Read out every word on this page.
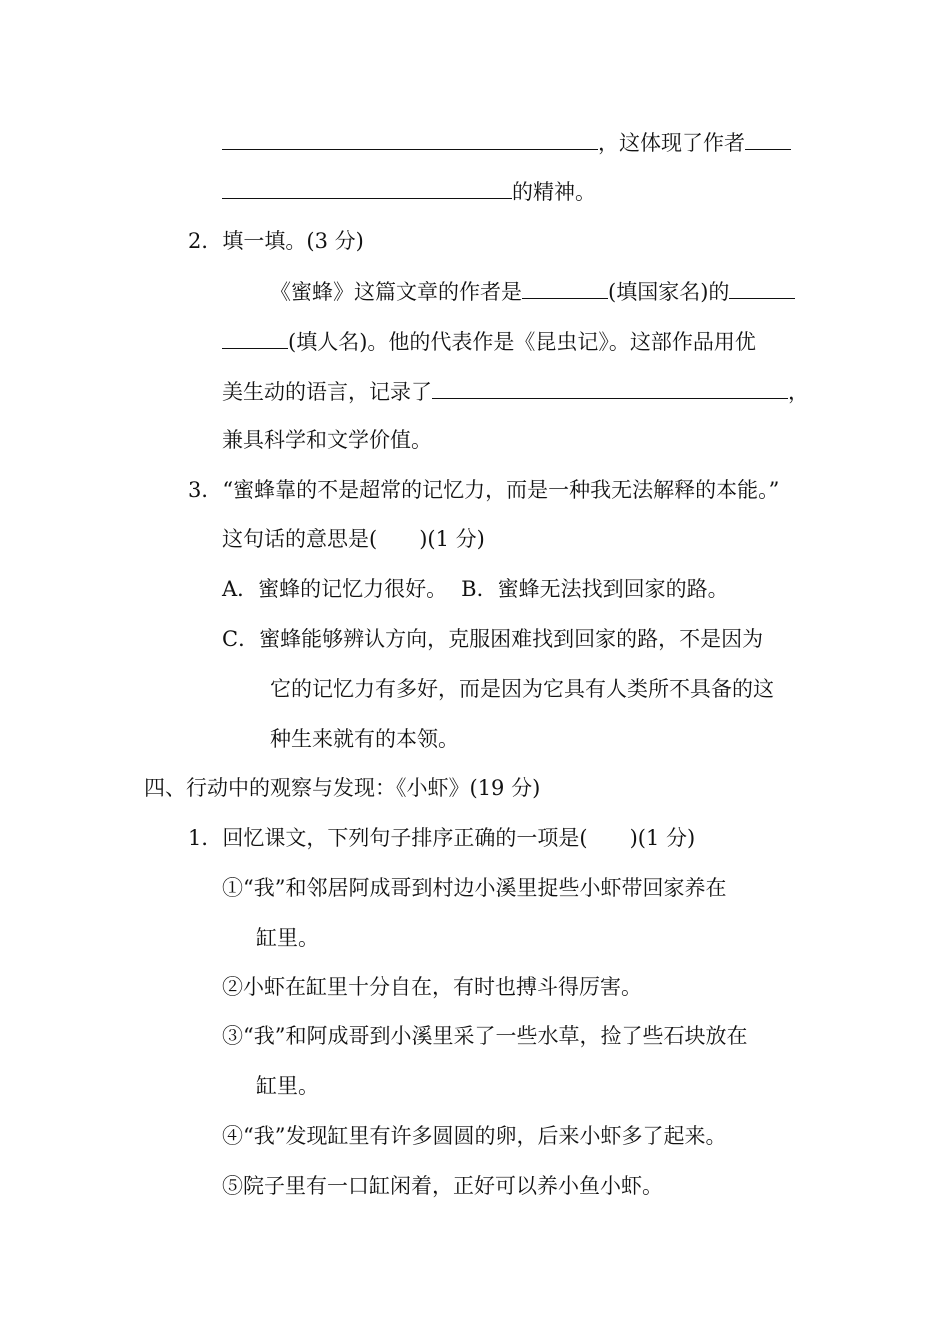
，这体现了作者
的精神。
2．填一填。(3 分)
《蜜蜂》这篇文章的作者是	(填国家名)的
(填人名)。他的代表作是《昆虫记》。这部作品用优
美生动的语言，记录了	，
兼具科学和文学价值。
3．“蜜蜂靠的不是超常的记忆力，而是一种我无法解释的本能。”
这句话的意思是(　　)(1 分)
A．蜜蜂的记忆力很好。 B．蜜蜂无法找到回家的路。
C．蜜蜂能够辨认方向，克服困难找到回家的路，不是因为
它的记忆力有多好，而是因为它具有人类所不具备的这
种生来就有的本领。
四、行动中的观察与发现：《小虾》(19 分)
1．回忆课文，下列句子排序正确的一项是(　　)(1 分)
①“我”和邻居阿成哥到村边小溪里捉些小虾带回家养在
缸里。
②小虾在缸里十分自在，有时也搏斗得厉害。
③“我”和阿成哥到小溪里采了一些水草，捡了些石块放在
缸里。
④“我”发现缸里有许多圆圆的卵，后来小虾多了起来。
⑤院子里有一口缸闲着，正好可以养小鱼小虾。
